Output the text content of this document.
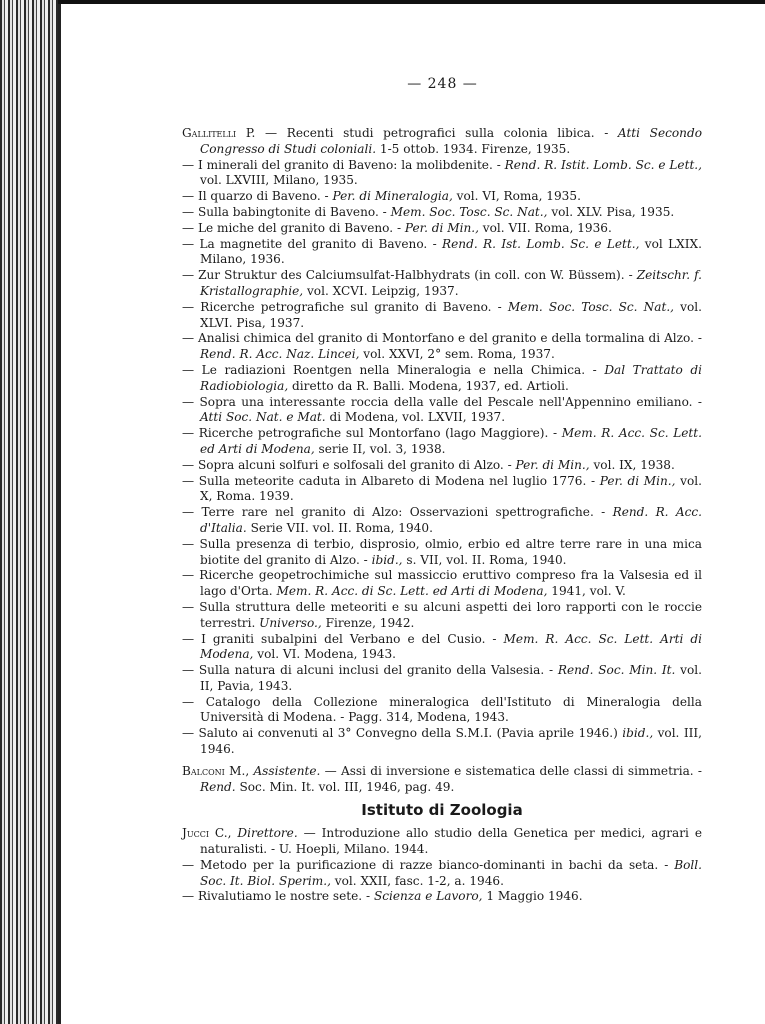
— 248 —

Gallitelli P. — Recenti studi petrografici sulla colonia libica. - Atti Secondo Congresso di Studi coloniali. 1-5 ottob. 1934. Firenze, 1935.

— I minerali del granito di Baveno: la molibdenite. - Rend. R. Istit. Lomb. Sc. e Lett., vol. LXVIII, Milano, 1935.

— Il quarzo di Baveno. - Per. di Mineralogia, vol. VI, Roma, 1935.

— Sulla babingtonite di Baveno. - Mem. Soc. Tosc. Sc. Nat., vol. XLV. Pisa, 1935.

— Le miche del granito di Baveno. - Per. di Min., vol. VII. Roma, 1936.

— La magnetite del granito di Baveno. - Rend. R. Ist. Lomb. Sc. e Lett., vol LXIX. Milano, 1936.

— Zur Struktur des Calciumsulfat-Halbhydrats (in coll. con W. Büssem). - Zeitschr. f. Kristallographie, vol. XCVI. Leipzig, 1937.

— Ricerche petrografiche sul granito di Baveno. - Mem. Soc. Tosc. Sc. Nat., vol. XLVI. Pisa, 1937.

— Analisi chimica del granito di Montorfano e del granito e della tormalina di Alzo. - Rend. R. Acc. Naz. Lincei, vol. XXVI, 2° sem. Roma, 1937.

— Le radiazioni Roentgen nella Mineralogia e nella Chimica. - Dal Trattato di Radiobiologia, diretto da R. Balli. Modena, 1937, ed. Artioli.

— Sopra una interessante roccia della valle del Pescale nell'Appennino emiliano. - Atti Soc. Nat. e Mat. di Modena, vol. LXVII, 1937.

— Ricerche petrografiche sul Montorfano (lago Maggiore). - Mem. R. Acc. Sc. Lett. ed Arti di Modena, serie II, vol. 3, 1938.

— Sopra alcuni solfuri e solfosali del granito di Alzo. - Per. di Min., vol. IX, 1938.

— Sulla meteorite caduta in Albareto di Modena nel luglio 1776. - Per. di Min., vol. X, Roma. 1939.

— Terre rare nel granito di Alzo: Osservazioni spettrografiche. - Rend. R. Acc. d'Italia. Serie VII. vol. II. Roma, 1940.

— Sulla presenza di terbio, disprosio, olmio, erbio ed altre terre rare in una mica biotite del granito di Alzo. - ibid., s. VII, vol. II. Roma, 1940.

— Ricerche geopetrochimiche sul massiccio eruttivo compreso fra la Valsesia ed il lago d'Orta. Mem. R. Acc. di Sc. Lett. ed Arti di Modena, 1941, vol. V.

— Sulla struttura delle meteoriti e su alcuni aspetti dei loro rapporti con le roccie terrestri. Universo., Firenze, 1942.

— I graniti subalpini del Verbano e del Cusio. - Mem. R. Acc. Sc. Lett. Arti di Modena, vol. VI. Modena, 1943.

— Sulla natura di alcuni inclusi del granito della Valsesia. - Rend. Soc. Min. It. vol. II, Pavia, 1943.

— Catalogo della Collezione mineralogica dell'Istituto di Mineralogia della Università di Modena. - Pagg. 314, Modena, 1943.

— Saluto ai convenuti al 3° Convegno della S.M.I. (Pavia aprile 1946.) ibid., vol. III, 1946.

Balconi M., Assistente. — Assi di inversione e sistematica delle classi di simmetria. - Rend. Soc. Min. It. vol. III, 1946, pag. 49.

Istituto di Zoologia

Jucci C., Direttore. — Introduzione allo studio della Genetica per medici, agrari e naturalisti. - U. Hoepli, Milano. 1944.

— Metodo per la purificazione di razze bianco-dominanti in bachi da seta. - Boll. Soc. It. Biol. Sperim., vol. XXII, fasc. 1-2, a. 1946.

— Rivalutiamo le nostre sete. - Scienza e Lavoro, 1 Maggio 1946.
